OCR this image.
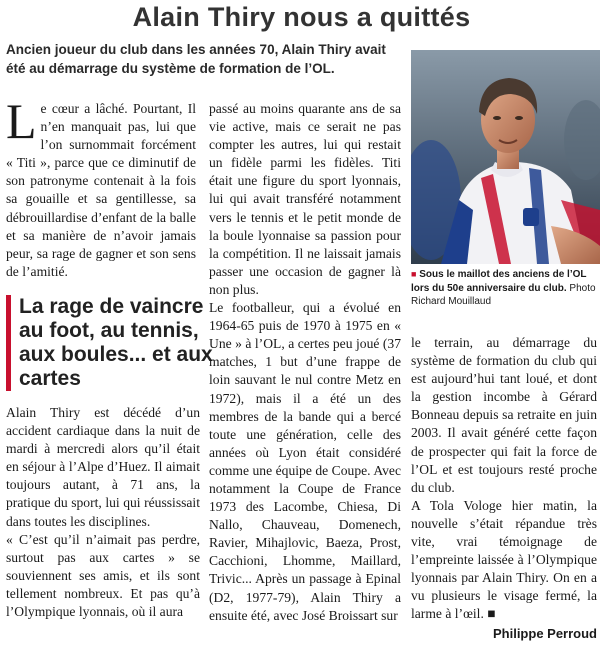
Alain Thiry nous a quittés
Ancien joueur du club dans les années 70, Alain Thiry avait été au démarrage du système de formation de l’OL.

Le cœur a lâché. Pourtant, Il n’en manquait pas, lui que l’on surnommait forcément « Titi », parce que ce diminutif de son patronyme contenait à la fois sa gouaille et sa gentillesse, sa débrouillardise d’enfant de la balle et sa manière de n’avoir jamais peur, sa rage de gagner et son sens de l’amitié.

La rage de vaincre au foot, au tennis, aux boules... et aux cartes

Alain Thiry est décédé d’un accident cardiaque dans la nuit de mardi à mercredi alors qu’il était en séjour à l’Alpe d’Huez. Il aimait toujours autant, à 71 ans, la pratique du sport, lui qui réussissait dans toutes les disciplines.

« C’est qu’il n’aimait pas perdre, surtout pas aux cartes » se souviennent ses amis, et ils sont tellement nombreux. Et pas qu’à l’Olympique lyonnais, où il aura

passé au moins quarante ans de sa vie active, mais ce serait ne pas compter les autres, lui qui restait un fidèle parmi les fidèles. Titi était une figure du sport lyonnais, lui qui avait transféré notamment vers le tennis et le petit monde de la boule lyonnaise sa passion pour la compétition. Il ne laissait jamais passer une occasion de gagner là non plus.

Le footballeur, qui a évolué en 1964-65 puis de 1970 à 1975 en « Une » à l’OL, a certes peu joué (37 matches, 1 but d’une frappe de loin sauvant le nul contre Metz en 1972), mais il a été un des membres de la bande qui a bercé toute une génération, celle des années où Lyon était considéré comme une équipe de Coupe. Avec notamment la Coupe de France 1973 des Lacombe, Chiesa, Di Nallo, Chauveau, Domenech, Ravier, Mihajlovic, Baeza, Prost, Cacchioni, Lhomme, Maillard, Trivic... Après un passage à Epinal (D2, 1977-79), Alain Thiry a ensuite été, avec José Broissart sur

■ Sous le maillot des anciens de l’OL lors du 50e anniversaire du club. Photo Richard Mouillaud

le terrain, au démarrage du système de formation du club qui est aujourd’hui tant loué, et dont la gestion incombe à Gérard Bonneau depuis sa retraite en juin 2003. Il avait généré cette façon de prospecter qui fait la force de l’OL et est toujours resté proche du club.

A Tola Vologe hier matin, la nouvelle s’était répandue très vite, vrai témoignage de l’empreinte laissée à l’Olympique lyonnais par Alain Thiry. On en a vu plusieurs le visage fermé, la larme à l’œil. ■

Philippe Perroud
